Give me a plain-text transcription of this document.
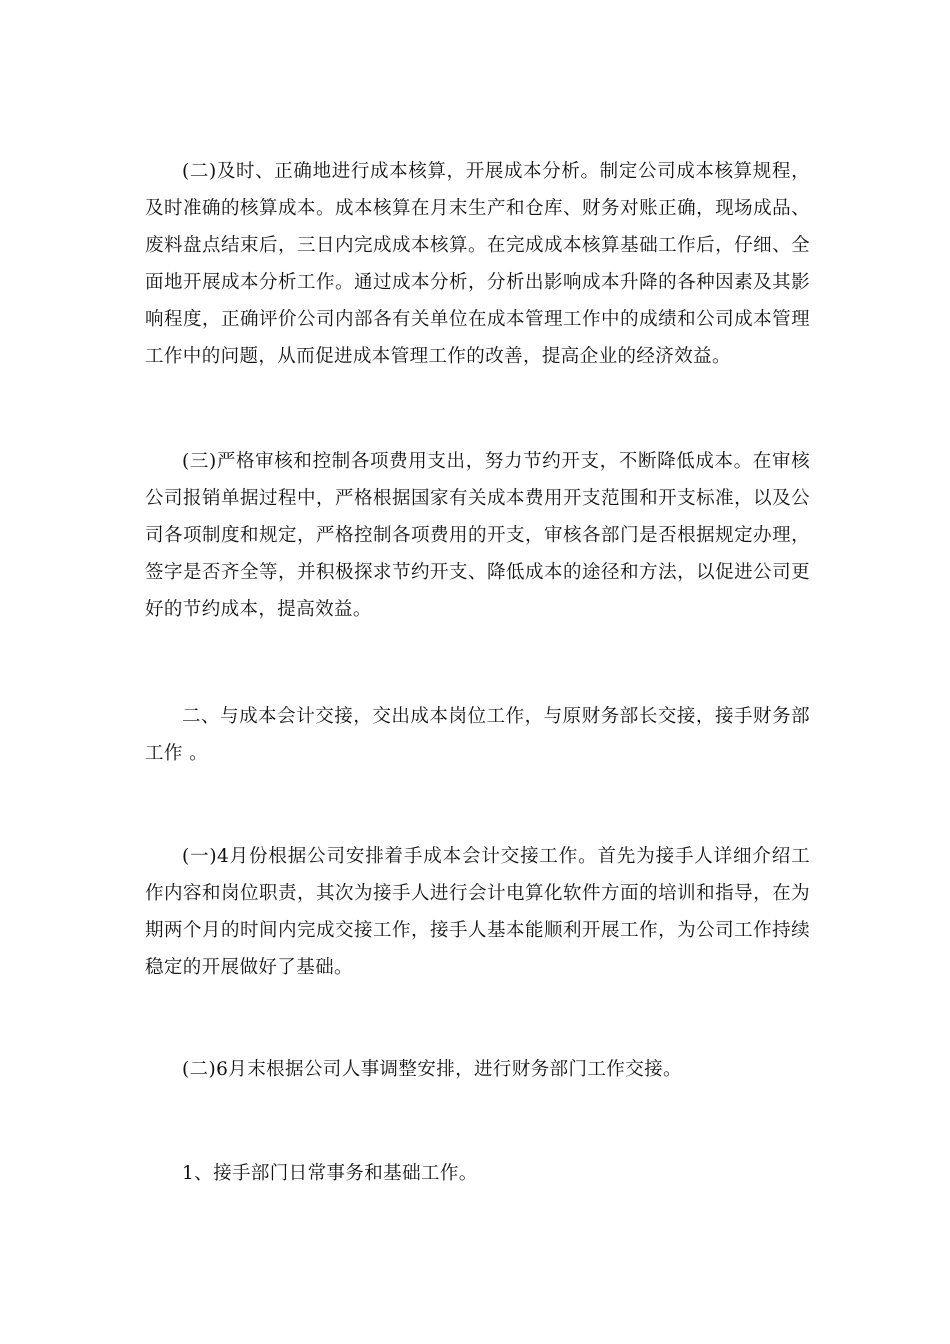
(二)及时、正确地进行成本核算，开展成本分析。制定公司成本核算规程，及时准确的核算成本。成本核算在月末生产和仓库、财务对账正确，现场成品、废料盘点结束后，三日内完成成本核算。在完成成本核算基础工作后，仔细、全面地开展成本分析工作。通过成本分析，分析出影响成本升降的各种因素及其影响程度，正确评价公司内部各有关单位在成本管理工作中的成绩和公司成本管理工作中的问题，从而促进成本管理工作的改善，提高企业的经济效益。

(三)严格审核和控制各项费用支出，努力节约开支，不断降低成本。在审核公司报销单据过程中，严格根据国家有关成本费用开支范围和开支标准，以及公司各项制度和规定，严格控制各项费用的开支，审核各部门是否根据规定办理，签字是否齐全等，并积极探求节约开支、降低成本的途径和方法，以促进公司更好的节约成本，提高效益。

二、与成本会计交接，交出成本岗位工作，与原财务部长交接，接手财务部工作 。

(一)4月份根据公司安排着手成本会计交接工作。首先为接手人详细介绍工作内容和岗位职责，其次为接手人进行会计电算化软件方面的培训和指导，在为期两个月的时间内完成交接工作，接手人基本能顺利开展工作，为公司工作持续稳定的开展做好了基础。

(二)6月末根据公司人事调整安排，进行财务部门工作交接。

1、接手部门日常事务和基础工作。
